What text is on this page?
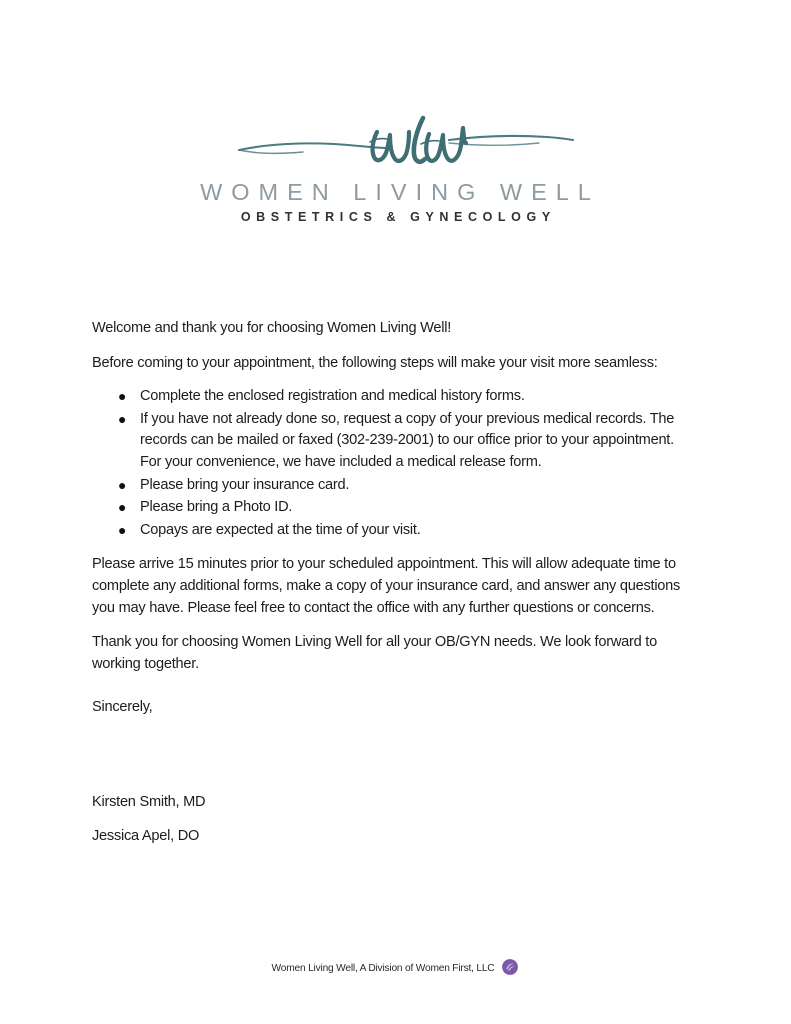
WOMEN LIVING WELL
OBSTETRICS & GYNECOLOGY

Welcome and thank you for choosing Women Living Well!

Before coming to your appointment, the following steps will make your visit more seamless:

● Complete the enclosed registration and medical history forms.
● If you have not already done so, request a copy of your previous medical records. The records can be mailed or faxed (302-239-2001) to our office prior to your appointment. For your convenience, we have included a medical release form.
● Please bring your insurance card.
● Please bring a Photo ID.
● Copays are expected at the time of your visit.

Please arrive 15 minutes prior to your scheduled appointment. This will allow adequate time to complete any additional forms, make a copy of your insurance card, and answer any questions you may have. Please feel free to contact the office with any further questions or concerns.

Thank you for choosing Women Living Well for all your OB/GYN needs. We look forward to working together.

Sincerely,
Kirsten Smith, MD
Jessica Apel, DO
Women Living Well, A Division of Women First, LLC
